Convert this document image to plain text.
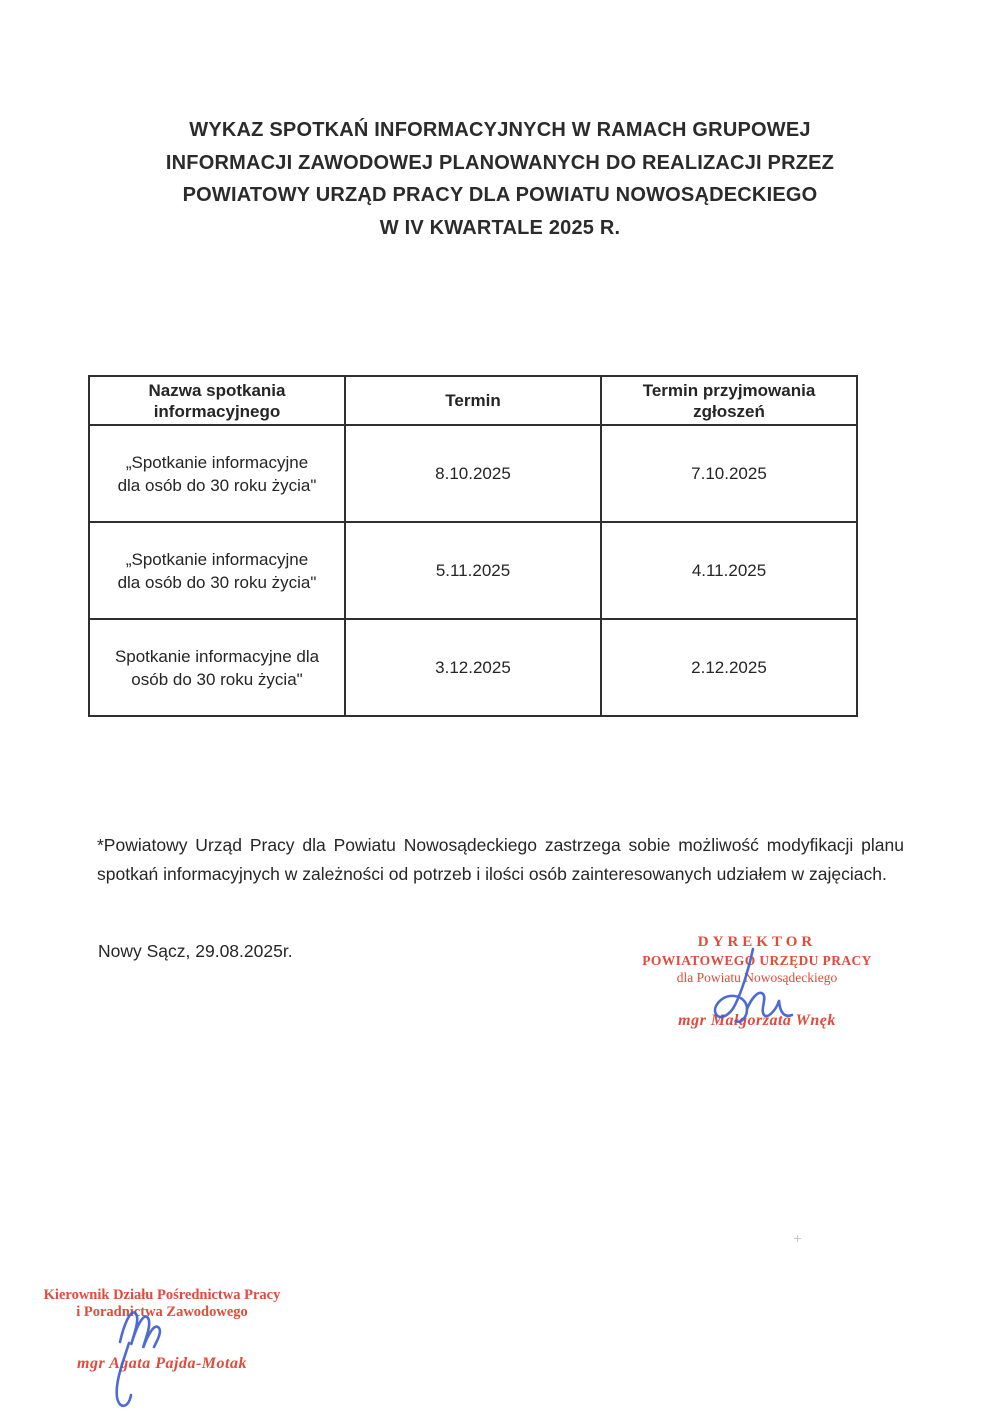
WYKAZ SPOTKAŃ INFORMACYJNYCH W RAMACH GRUPOWEJ
INFORMACJI ZAWODOWEJ PLANOWANYCH DO REALIZACJI PRZEZ
POWIATOWY URZĄD PRACY DLA POWIATU NOWOSĄDECKIEGO
W IV KWARTALE 2025 R.
Nazwa spotkania informacyjnego	Termin	Termin przyjmowania zgłoszeń

„Spotkanie informacyjne dla osób do 30 roku życia"	8.10.2025	7.10.2025

„Spotkanie informacyjne dla osób do 30 roku życia"	5.11.2025	4.11.2025

Spotkanie informacyjne dla osób do 30 roku życia"	3.12.2025	2.12.2025
*Powiatowy Urząd Pracy dla Powiatu Nowosądeckiego zastrzega sobie możliwość modyfikacji planu spotkań informacyjnych w zależności od potrzeb i ilości osób zainteresowanych udziałem w zajęciach.
Nowy Sącz, 29.08.2025r.	DYREKTOR
POWIATOWEGO URZĘDU PRACY
dla Powiatu Nowosądeckiego
mgr Małgorzata Wnęk
Kierownik Działu Pośrednictwa Pracy
i Poradnictwa Zawodowego
mgr Agata Pajda-Motak
+
